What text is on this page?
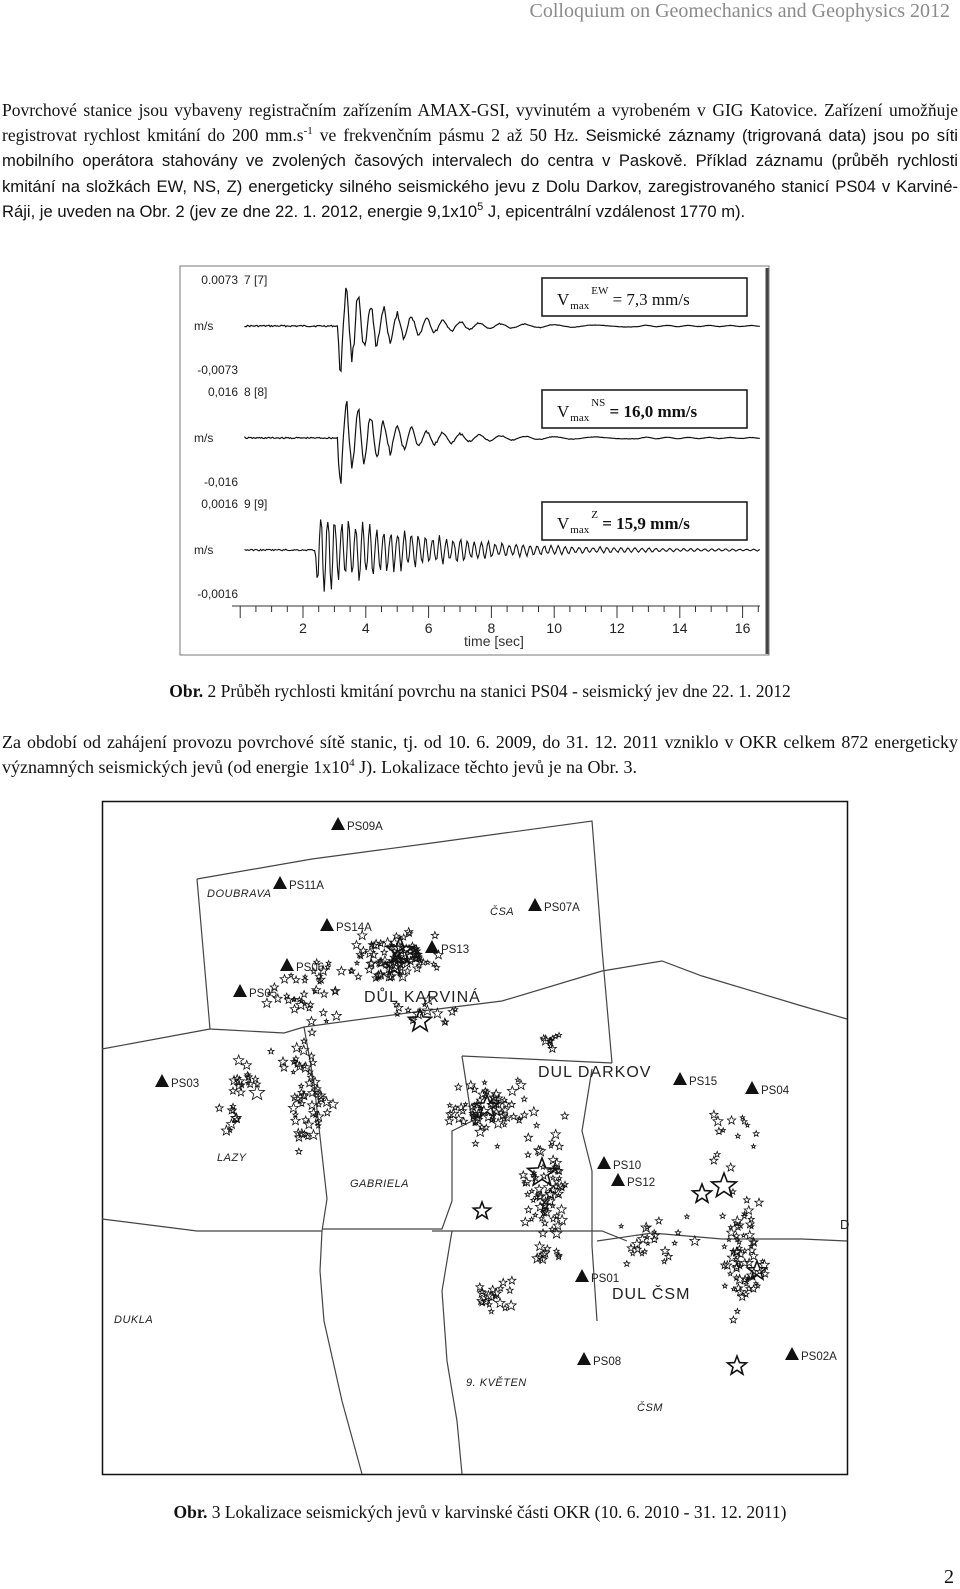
Colloquium on Geomechanics and Geophysics 2012

Povrchové stanice jsou vybaveny registračním zařízením AMAX-GSI, vyvinutém a vyrobeném v GIG Katovice. Zařízení umožňuje registrovat rychlost kmitání do 200 $mm.s^{-1}$ ve frekvenčním pásmu 2 až 50 Hz. Seismické záznamy (trigrovaná data) jsou po síti mobilního operátora stahovány ve zvolených časových intervalech do centra v Paskově. Příklad záznamu (průběh rychlosti kmitání na složkách EW, NS, Z) energeticky silného seismického jevu z Dolu Darkov, zaregistrovaného stanicí PS04 v Karviné-Ráji, je uveden na Obr. 2 (jev ze dne 22. 1. 2012, energie $9,1x10^5$ J, epicentrální vzdálenost 1770 m).

0.0073 7 [7]
m/s
-0,0073
$V_{max}^{EW} = 7,3$ mm/s
0,016 8 [8]
m/s
-0,016
$V_{max}^{NS} = 16,0$ mm/s
0,0016 9 [9]
m/s
-0,0016
$V_{max}^Z = 15,9$ mm/s
2	4	6	8	10	12	14	16
time [sec]

Obr. 2 Průběh rychlosti kmitání povrchu na stanici PS04 - seismický jev dne 22. 1. 2012

Za období od zahájení provozu povrchové sítě stanic, tj. od 10. 6. 2009, do 31. 12. 2011 vzniklo v OKR celkem 872 energeticky významných seismických jevů (od energie $1x10^4$ J). Lokalizace těchto jevů je na Obr. 3.

PS09A
PS11A
PS07A
PS14A
PS13
PS06
PS05
PS03	PS15
PS04
PS10
PS12
PS01
PS08	PS02A
DOUBRAVA
ČSA
DŮL KARVINÁ
DUL DARKOV
LAZY
GABRIELA
DUKLA
DUL ČSM
9. KVĚTEN
ČSM
D

Obr. 3 Lokalizace seismických jevů v karvinské části OKR (10. 6. 2010 - 31. 12. 2011)

2
